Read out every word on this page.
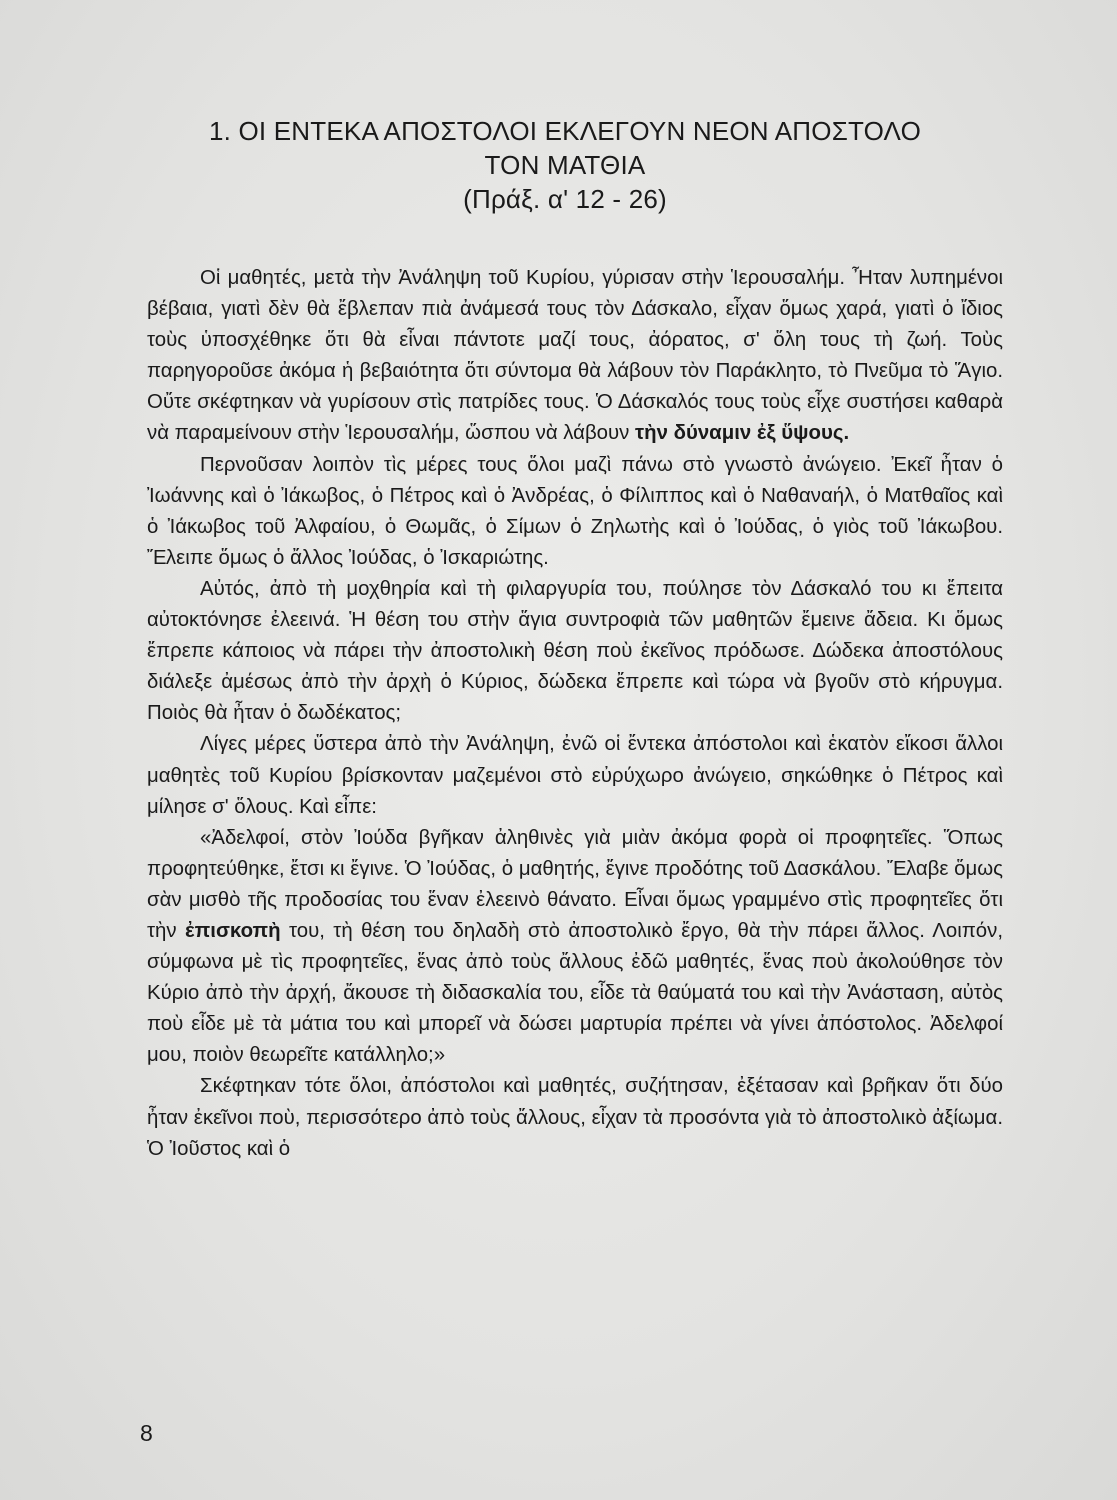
1. ΟΙ ΕΝΤΕΚΑ ΑΠΟΣΤΟΛΟΙ ΕΚΛΕΓΟΥΝ ΝΕΟΝ ΑΠΟΣΤΟΛΟ
ΤΟΝ ΜΑΤΘΙΑ
(Πράξ. α' 12 - 26)

Οἱ μαθητές, μετὰ τὴν Ἀνάληψη τοῦ Κυρίου, γύρισαν στὴν Ἱερουσαλήμ. Ἦταν λυπημένοι βέβαια, γιατὶ δὲν θὰ ἔβλεπαν πιὰ ἀνάμεσά τους τὸν Δάσκαλο, εἶχαν ὅμως χαρά, γιατὶ ὁ ἴδιος τοὺς ὑποσχέθηκε ὅτι θὰ εἶναι πάντοτε μαζί τους, ἀόρατος, σ' ὅλη τους τὴ ζωή. Τοὺς παρηγοροῦσε ἀκόμα ἡ βεβαιότητα ὅτι σύντομα θὰ λάβουν τὸν Παράκλητο, τὸ Πνεῦμα τὸ Ἅγιο. Οὔτε σκέφτηκαν νὰ γυρίσουν στὶς πατρίδες τους. Ὁ Δάσκαλός τους τοὺς εἶχε συστήσει καθαρὰ νὰ παραμείνουν στὴν Ἱερουσαλήμ, ὥσπου νὰ λάβουν τὴν δύναμιν ἐξ ὕψους.

Περνοῦσαν λοιπὸν τὶς μέρες τους ὅλοι μαζὶ πάνω στὸ γνωστὸ ἀνώγειο. Ἐκεῖ ἦταν ὁ Ἰωάννης καὶ ὁ Ἰάκωβος, ὁ Πέτρος καὶ ὁ Ἀνδρέας, ὁ Φίλιππος καὶ ὁ Ναθαναήλ, ὁ Ματθαῖος καὶ ὁ Ἰάκωβος τοῦ Ἀλφαίου, ὁ Θωμᾶς, ὁ Σίμων ὁ Ζηλωτὴς καὶ ὁ Ἰούδας, ὁ γιὸς τοῦ Ἰάκωβου. Ἔλειπε ὅμως ὁ ἄλλος Ἰούδας, ὁ Ἰσκαριώτης.

Αὐτός, ἀπὸ τὴ μοχθηρία καὶ τὴ φιλαργυρία του, πούλησε τὸν Δάσκαλό του κι ἔπειτα αὐτοκτόνησε ἐλεεινά. Ἡ θέση του στὴν ἅγια συντροφιὰ τῶν μαθητῶν ἔμεινε ἄδεια. Κι ὅμως ἔπρεπε κάποιος νὰ πάρει τὴν ἀποστολικὴ θέση ποὺ ἐκεῖνος πρόδωσε. Δώδεκα ἀποστόλους διάλεξε ἀμέσως ἀπὸ τὴν ἀρχὴ ὁ Κύριος, δώδεκα ἔπρεπε καὶ τώρα νὰ βγοῦν στὸ κήρυγμα. Ποιὸς θὰ ἦταν ὁ δωδέκατος;

Λίγες μέρες ὕστερα ἀπὸ τὴν Ἀνάληψη, ἐνῶ οἱ ἔντεκα ἀπόστολοι καὶ ἑκατὸν εἴκοσι ἄλλοι μαθητὲς τοῦ Κυρίου βρίσκονταν μαζεμένοι στὸ εὐρύχωρο ἀνώγειο, σηκώθηκε ὁ Πέτρος καὶ μίλησε σ' ὅλους. Καὶ εἶπε:

«Ἀδελφοί, στὸν Ἰούδα βγῆκαν ἀληθινὲς γιὰ μιὰν ἀκόμα φορὰ οἱ προφητεῖες. Ὅπως προφητεύθηκε, ἔτσι κι ἔγινε. Ὁ Ἰούδας, ὁ μαθητής, ἔγινε προδότης τοῦ Δασκάλου. Ἔλαβε ὅμως σὰν μισθὸ τῆς προδοσίας του ἕναν ἐλεεινὸ θάνατο. Εἶναι ὅμως γραμμένο στὶς προφητεῖες ὅτι τὴν ἐπισκοπὴ του, τὴ θέση του δηλαδὴ στὸ ἀποστολικὸ ἔργο, θὰ τὴν πάρει ἄλλος. Λοιπόν, σύμφωνα μὲ τὶς προφητεῖες, ἕνας ἀπὸ τοὺς ἄλλους ἐδῶ μαθητές, ἕνας ποὺ ἀκολούθησε τὸν Κύριο ἀπὸ τὴν ἀρχή, ἄκουσε τὴ διδασκαλία του, εἶδε τὰ θαύματά του καὶ τὴν Ἀνάσταση, αὐτὸς ποὺ εἶδε μὲ τὰ μάτια του καὶ μπορεῖ νὰ δώσει μαρτυρία πρέπει νὰ γίνει ἀπόστολος. Ἀδελφοί μου, ποιὸν θεωρεῖτε κατάλληλο;»

Σκέφτηκαν τότε ὅλοι, ἀπόστολοι καὶ μαθητές, συζήτησαν, ἐξέτασαν καὶ βρῆκαν ὅτι δύο ἦταν ἐκεῖνοι ποὺ, περισσότερο ἀπὸ τοὺς ἄλλους, εἶχαν τὰ προσόντα γιὰ τὸ ἀποστολικὸ ἀξίωμα. Ὁ Ἰοῦστος καὶ ὁ

8
